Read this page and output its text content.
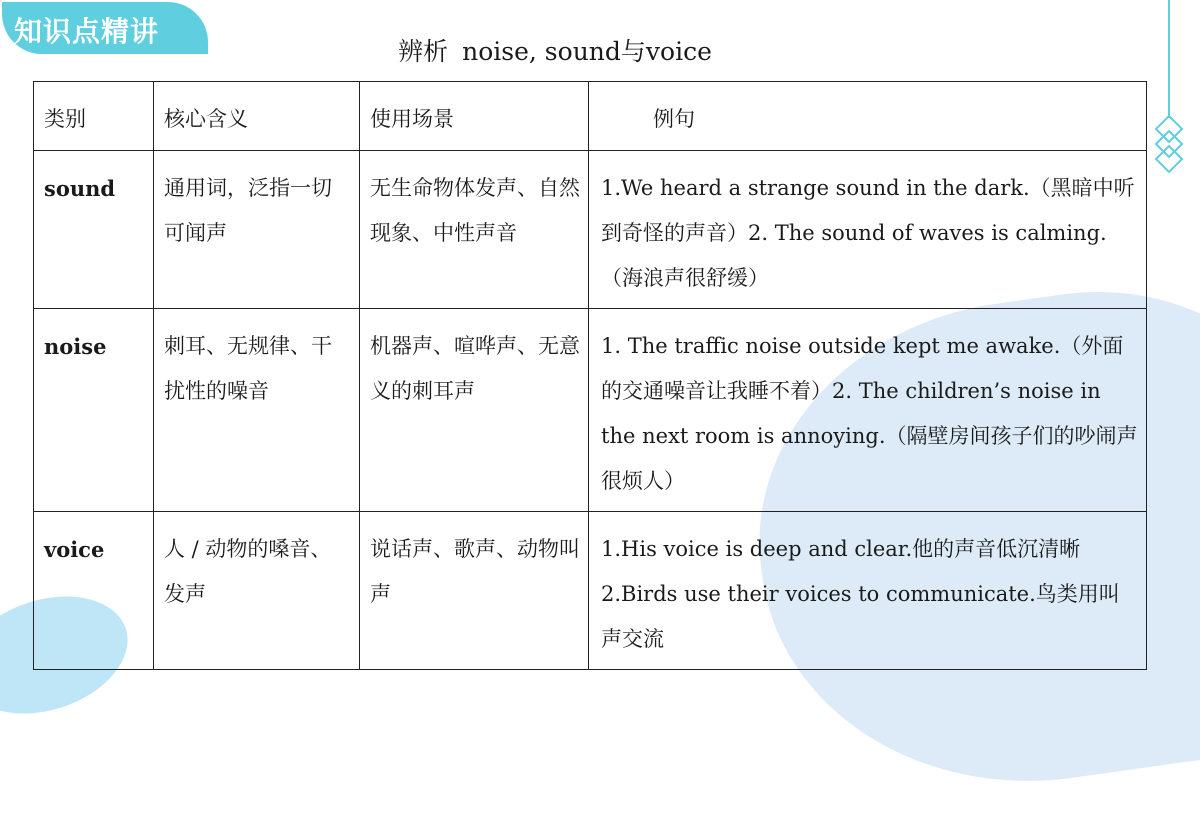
知识点精讲
辨析 noise, sound与voice
类别	核心含义	使用场景	例句

sound	通用词，泛指一切可闻声	无生命物体发声、自然现象、中性声音	1.We heard a strange sound in the dark.（黑暗中听到奇怪的声音）2. The sound of waves is calming.（海浪声很舒缓）

noise	刺耳、无规律、干扰性的噪音	机器声、喧哗声、无意义的刺耳声	1. The traffic noise outside kept me awake.（外面的交通噪音让我睡不着）2. The children’s noise in the next room is annoying.（隔壁房间孩子们的吵闹声很烦人）

voice	人 / 动物的嗓音、发声	说话声、歌声、动物叫声	1.His voice is deep and clear.他的声音低沉清晰 2.Birds use their voices to communicate.鸟类用叫声交流
